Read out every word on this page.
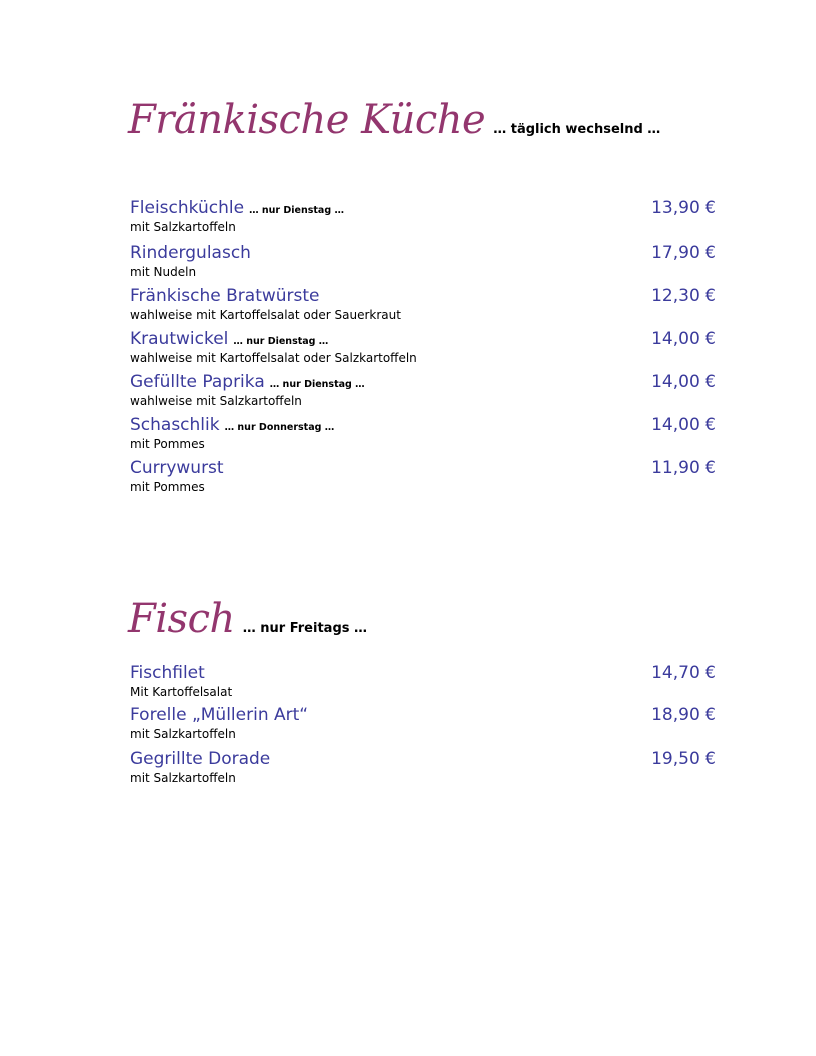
Fränkische Küche … täglich wechselnd …
Fleischküchle … nur Dienstag …	13,90 €
mit Salzkartoffeln
Rindergulasch	17,90 €
mit Nudeln
Fränkische Bratwürste	12,30 €
wahlweise mit Kartoffelsalat oder Sauerkraut
Krautwickel … nur Dienstag …	14,00 €
wahlweise mit Kartoffelsalat oder Salzkartoffeln
Gefüllte Paprika … nur Dienstag …	14,00 €
wahlweise mit Salzkartoffeln
Schaschlik … nur Donnerstag …	14,00 €
mit Pommes
Currywurst	11,90 €
mit Pommes
Fisch … nur Freitags …
Fischfilet	14,70 €
Mit Kartoffelsalat
Forelle „Müllerin Art“	18,90 €
mit Salzkartoffeln
Gegrillte Dorade	19,50 €
mit Salzkartoffeln
